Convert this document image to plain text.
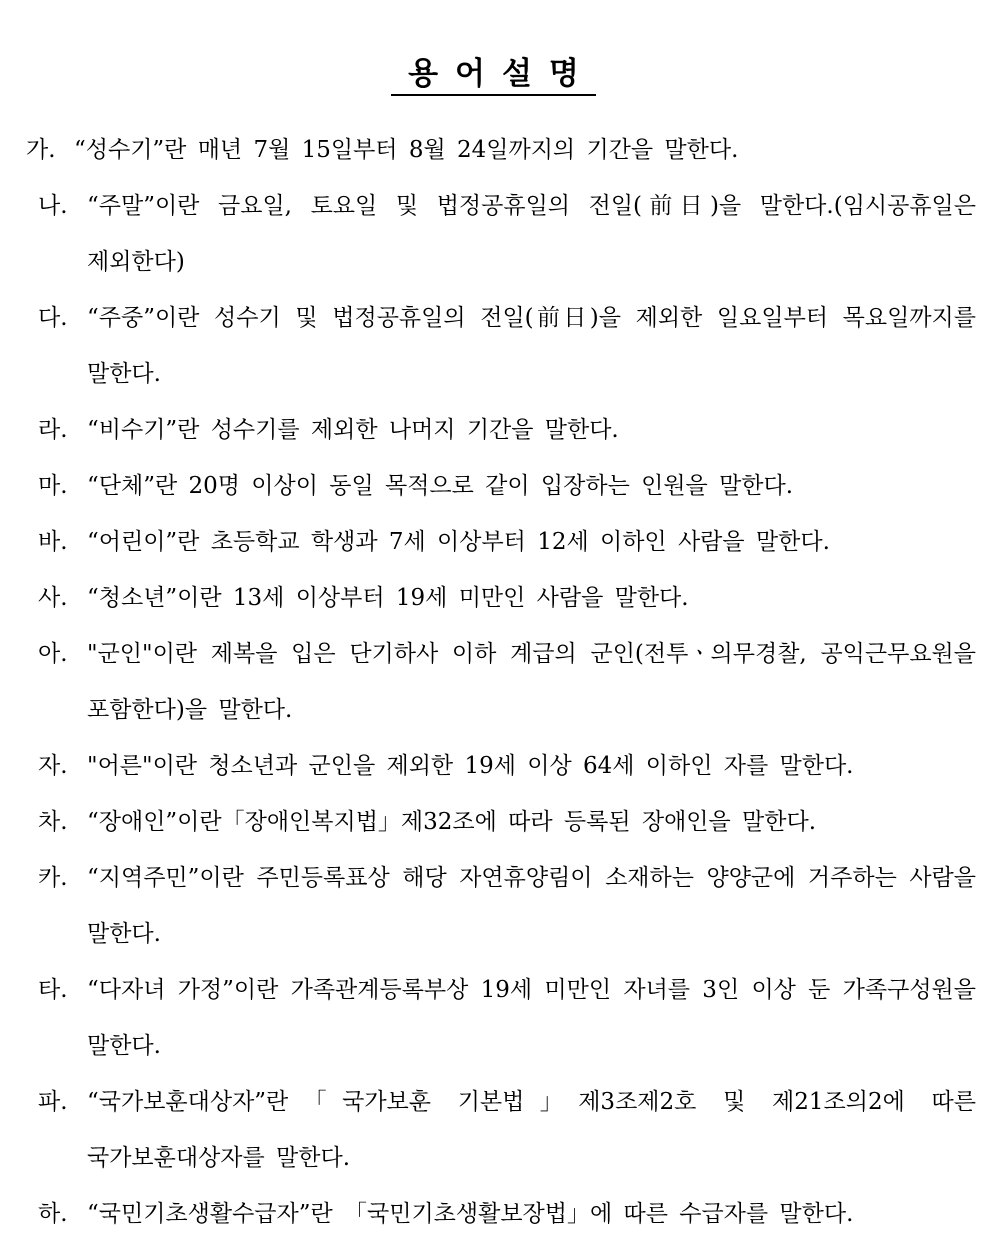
용어설명
가. “성수기”란 매년 7월 15일부터 8월 24일까지의 기간을 말한다.
나. “주말”이란 금요일, 토요일 및 법정공휴일의 전일(前日)을 말한다.(임시공휴일은 제외한다)
다. “주중”이란 성수기 및 법정공휴일의 전일(前日)을 제외한 일요일부터 목요일까지를 말한다.
라. “비수기”란 성수기를 제외한 나머지 기간을 말한다.
마. “단체”란 20명 이상이 동일 목적으로 같이 입장하는 인원을 말한다.
바. “어린이”란 초등학교 학생과 7세 이상부터 12세 이하인 사람을 말한다.
사. “청소년”이란 13세 이상부터 19세 미만인 사람을 말한다.
아. "군인"이란 제복을 입은 단기하사 이하 계급의 군인(전투ㆍ의무경찰, 공익근무요원을 포함한다)을 말한다.
자. "어른"이란 청소년과 군인을 제외한 19세 이상 64세 이하인 자를 말한다.
차. “장애인”이란「장애인복지법」제32조에 따라 등록된 장애인을 말한다.
카. “지역주민”이란 주민등록표상 해당 자연휴양림이 소재하는 양양군에 거주하는 사람을 말한다.
타. “다자녀 가정”이란 가족관계등록부상 19세 미만인 자녀를 3인 이상 둔 가족구성원을 말한다.
파. “국가보훈대상자”란「국가보훈 기본법」제3조제2호 및 제21조의2에 따른 국가보훈대상자를 말한다.
하. “국민기초생활수급자”란 「국민기초생활보장법」에 따른 수급자를 말한다.
